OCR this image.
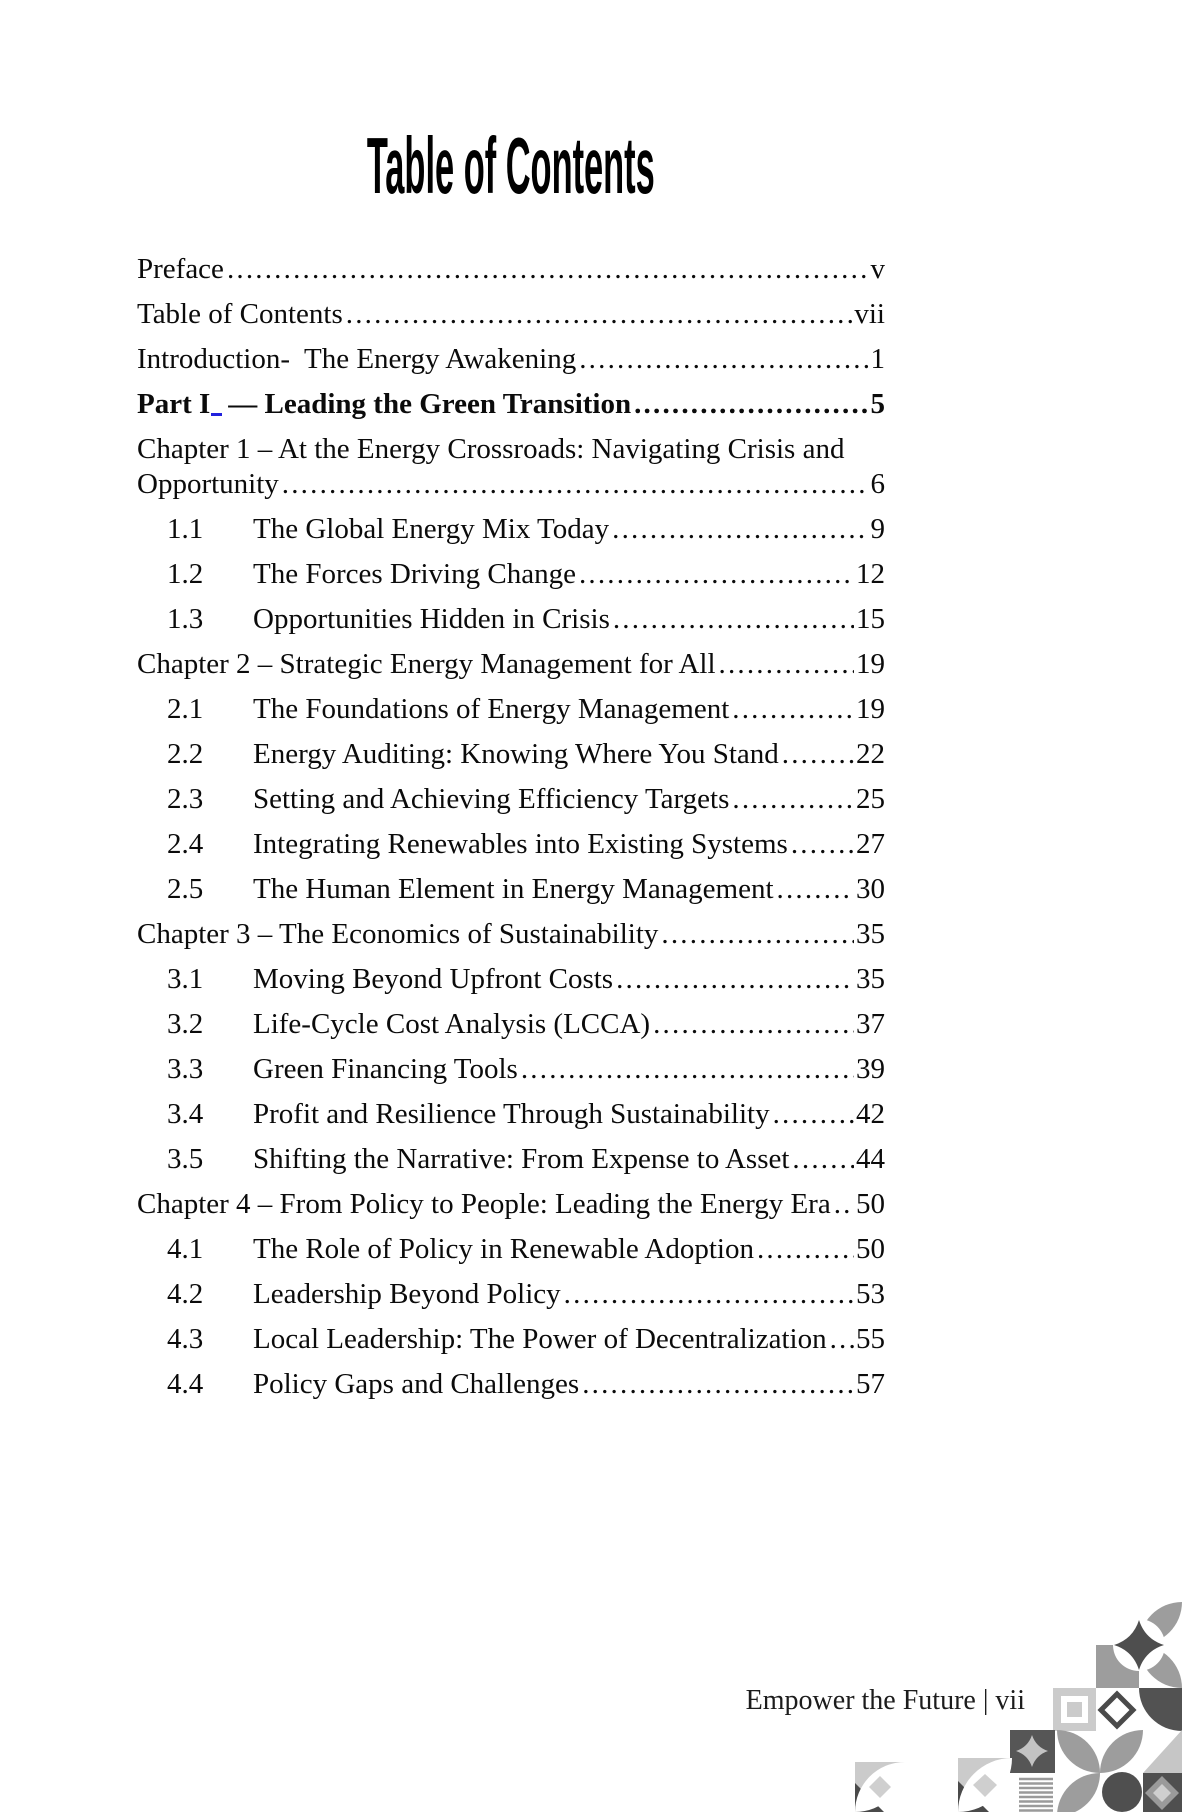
Table of Contents
Preface .....	v
Table of Contents .....	vii
Introduction-  The Energy Awakening .....	1
Part I — Leading the Green Transition .....	5
Chapter 1 – At the Energy Crossroads: Navigating Crisis and
Opportunity .....	6
1.1	The Global Energy Mix Today .....	9
1.2	The Forces Driving Change .....	12
1.3	Opportunities Hidden in Crisis .....	15
Chapter 2 – Strategic Energy Management for All .....	19
2.1	The Foundations of Energy Management .....	19
2.2	Energy Auditing: Knowing Where You Stand .....	22
2.3	Setting and Achieving Efficiency Targets .....	25
2.4	Integrating Renewables into Existing Systems ..... 27
2.5	The Human Element in Energy Management .....	30
Chapter 3 – The Economics of Sustainability .....	35
3.1	Moving Beyond Upfront Costs .....	35
3.2	Life-Cycle Cost Analysis (LCCA) .....	37
3.3	Green Financing Tools .....	39
3.4	Profit and Resilience Through Sustainability .....	42
3.5	Shifting the Narrative: From Expense to Asset ..... 44
Chapter 4 – From Policy to People: Leading the Energy Era ..... 50
4.1	The Role of Policy in Renewable Adoption .....	50
4.2	Leadership Beyond Policy .....	53
4.3	Local Leadership: The Power of Decentralization ..... 55
4.4	Policy Gaps and Challenges .....	57
Empower the Future | vii
